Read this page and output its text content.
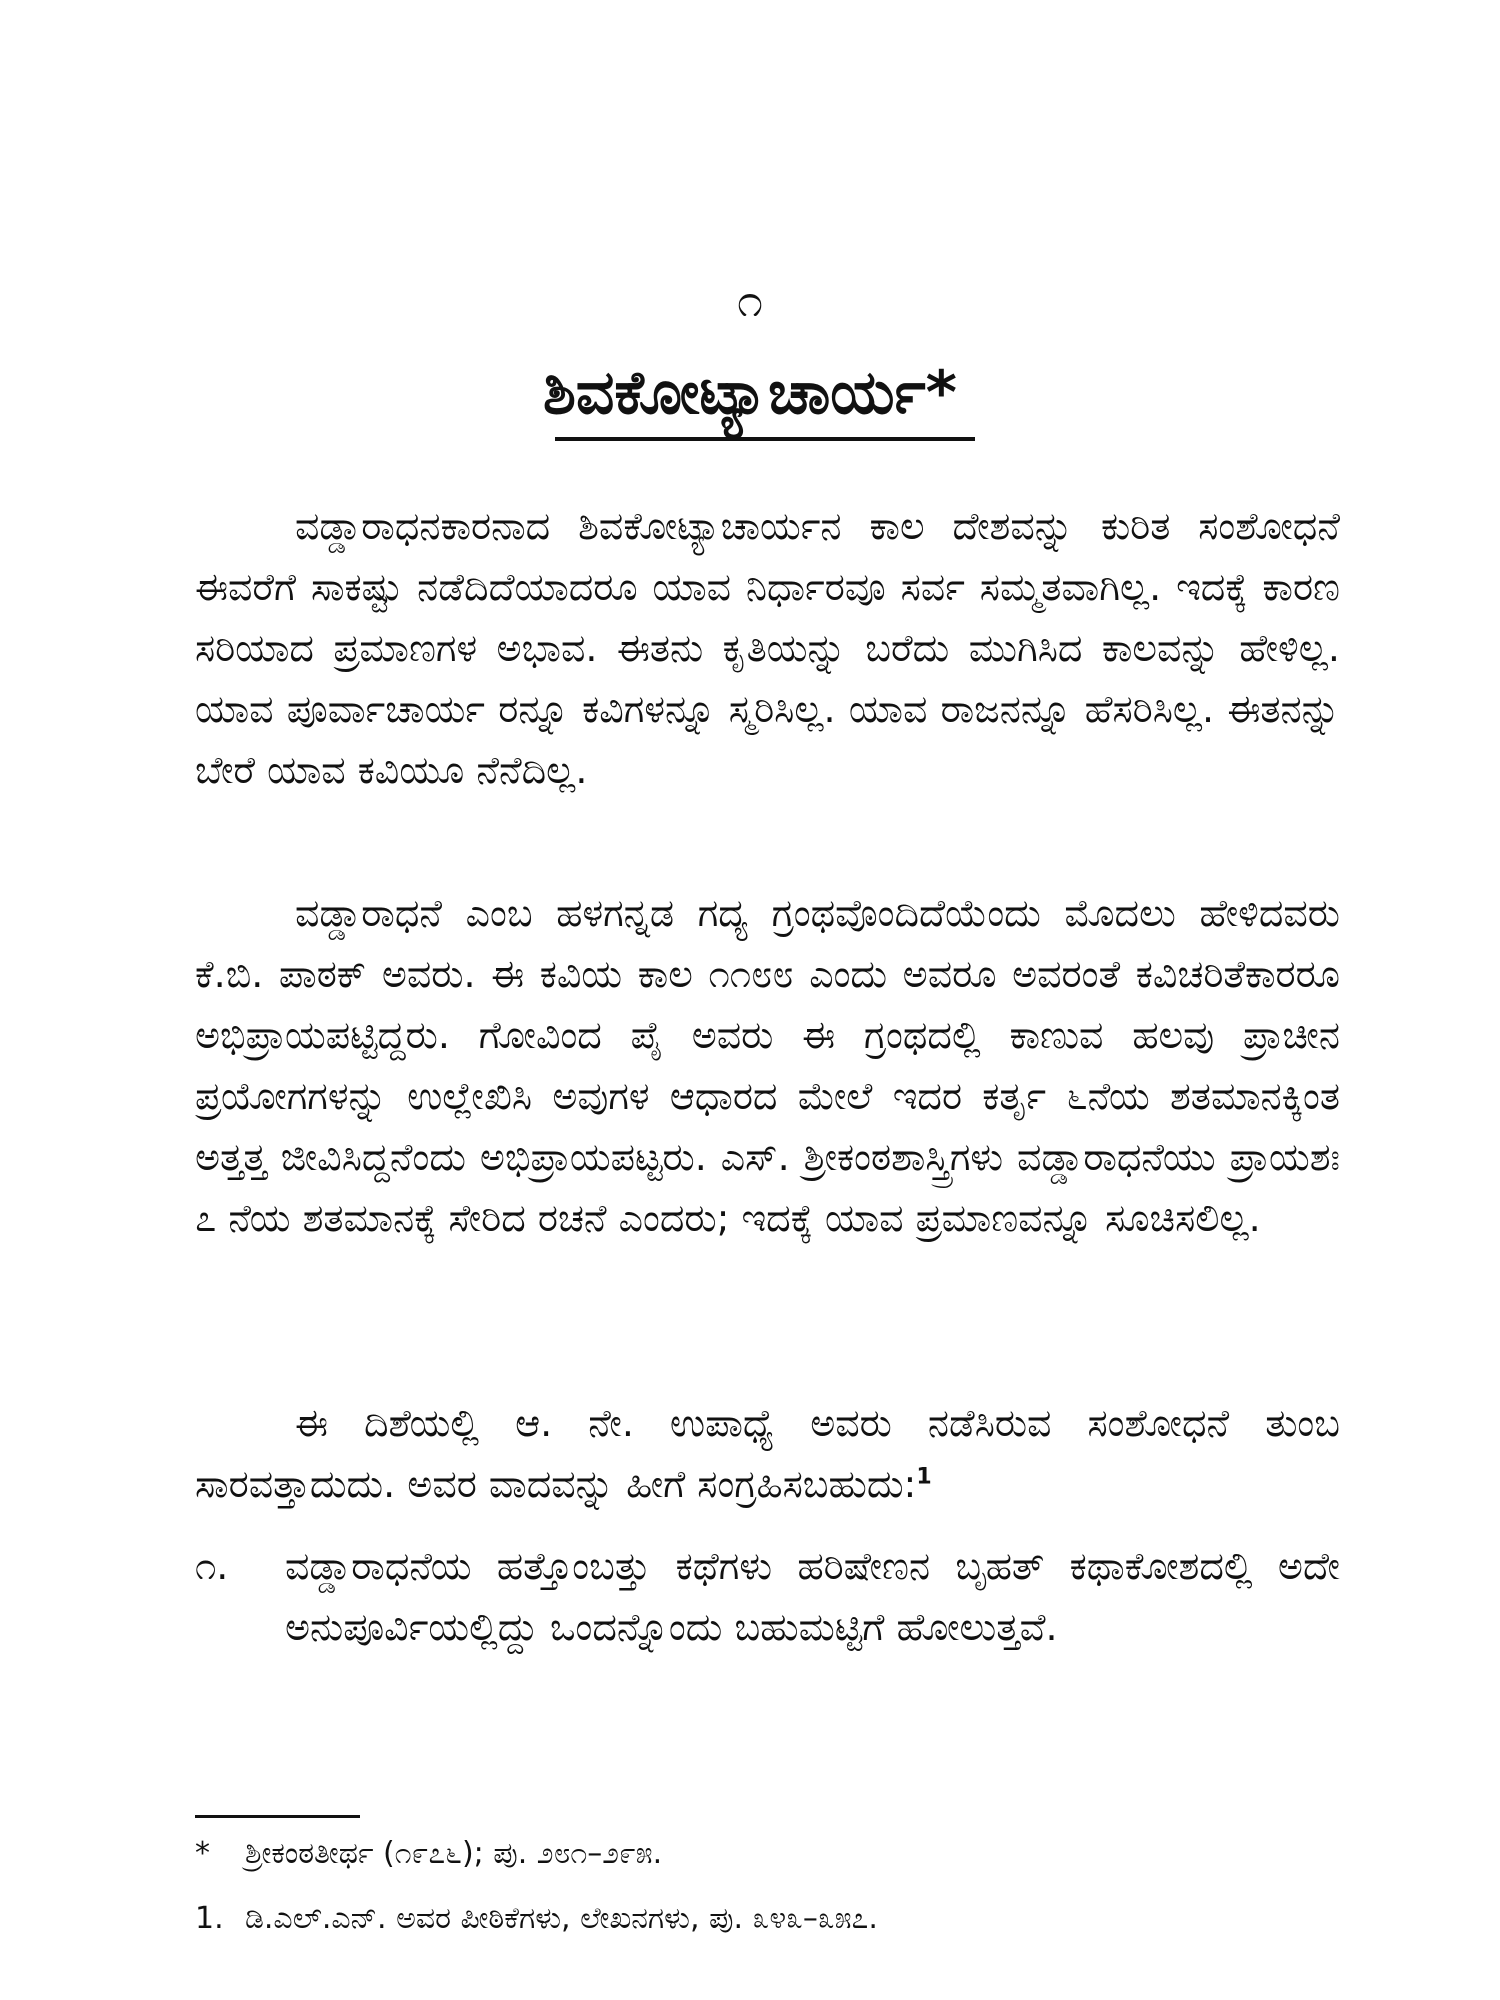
೧
ಶಿವಕೋಟ್ಯಾಚಾರ್ಯ*

ವಡ್ಡಾರಾಧನಕಾರನಾದ ಶಿವಕೋಟ್ಯಾಚಾರ್ಯನ ಕಾಲ ದೇಶವನ್ನು ಕುರಿತ ಸಂಶೋಧನೆ ಈವರೆಗೆ ಸಾಕಷ್ಟು ನಡೆದಿದೆಯಾದರೂ ಯಾವ ನಿರ್ಧಾರವೂ ಸರ್ವ ಸಮ್ಮತವಾಗಿಲ್ಲ. ಇದಕ್ಕೆ ಕಾರಣ ಸರಿಯಾದ ಪ್ರಮಾಣಗಳ ಅಭಾವ. ಈತನು ಕೃತಿಯನ್ನು ಬರೆದು ಮುಗಿಸಿದ ಕಾಲವನ್ನು ಹೇಳಿಲ್ಲ. ಯಾವ ಪೂರ್ವಾಚಾರ್ಯ ರನ್ನೂ ಕವಿಗಳನ್ನೂ ಸ್ಮರಿಸಿಲ್ಲ. ಯಾವ ರಾಜನನ್ನೂ ಹೆಸರಿಸಿಲ್ಲ. ಈತನನ್ನು ಬೇರೆ ಯಾವ ಕವಿಯೂ ನೆನೆದಿಲ್ಲ.

ವಡ್ಡಾರಾಧನೆ ಎಂಬ ಹಳಗನ್ನಡ ಗದ್ಯ ಗ್ರಂಥವೊಂದಿದೆಯೆಂದು ಮೊದಲು ಹೇಳಿದವರು ಕೆ.ಬಿ. ಪಾಠಕ್ ಅವರು. ಈ ಕವಿಯ ಕಾಲ ೧೧೮೮ ಎಂದು ಅವರೂ ಅವರಂತೆ ಕವಿಚರಿತೆಕಾರರೂ ಅಭಿಪ್ರಾಯಪಟ್ಟಿದ್ದರು. ಗೋವಿಂದ ಪೈ ಅವರು ಈ ಗ್ರಂಥದಲ್ಲಿ ಕಾಣುವ ಹಲವು ಪ್ರಾಚೀನ ಪ್ರಯೋಗಗಳನ್ನು ಉಲ್ಲೇಖಿಸಿ ಅವುಗಳ ಆಧಾರದ ಮೇಲೆ ಇದರ ಕರ್ತೃ ೬ನೆಯ ಶತಮಾನಕ್ಕಿಂತ ಅತ್ತತ್ತ ಜೀವಿಸಿದ್ದನೆಂದು ಅಭಿಪ್ರಾಯಪಟ್ಟರು. ಎಸ್. ಶ್ರೀಕಂಠಶಾಸ್ತ್ರಿಗಳು ವಡ್ಡಾರಾಧನೆಯು ಪ್ರಾಯಶಃ ೭ ನೆಯ ಶತಮಾನಕ್ಕೆ ಸೇರಿದ ರಚನೆ ಎಂದರು; ಇದಕ್ಕೆ ಯಾವ ಪ್ರಮಾಣವನ್ನೂ ಸೂಚಿಸಲಿಲ್ಲ.

ಈ ದಿಶೆಯಲ್ಲಿ ಆ. ನೇ. ಉಪಾಧ್ಯೆ ಅವರು ನಡೆಸಿರುವ ಸಂಶೋಧನೆ ತುಂಬ ಸಾರವತ್ತಾದುದು. ಅವರ ವಾದವನ್ನು ಹೀಗೆ ಸಂಗ್ರಹಿಸಬಹುದು:$^1$

೧.	ವಡ್ಡಾರಾಧನೆಯ ಹತ್ತೊಂಬತ್ತು ಕಥೆಗಳು ಹರಿಷೇಣನ ಬೃಹತ್ ಕಥಾಕೋಶದಲ್ಲಿ ಅದೇ ಅನುಪೂರ್ವಿಯಲ್ಲಿದ್ದು ಒಂದನ್ನೊಂದು ಬಹುಮಟ್ಟಿಗೆ ಹೋಲುತ್ತವೆ.
* ಶ್ರೀಕಂಠತೀರ್ಥ (೧೯೭೬); ಪು. ೨೮೧–೨೯೫.
1. ಡಿ.ಎಲ್.ಎನ್. ಅವರ ಪೀಠಿಕೆಗಳು, ಲೇಖನಗಳು, ಪು. ೩೪೩–೩೫೭.
